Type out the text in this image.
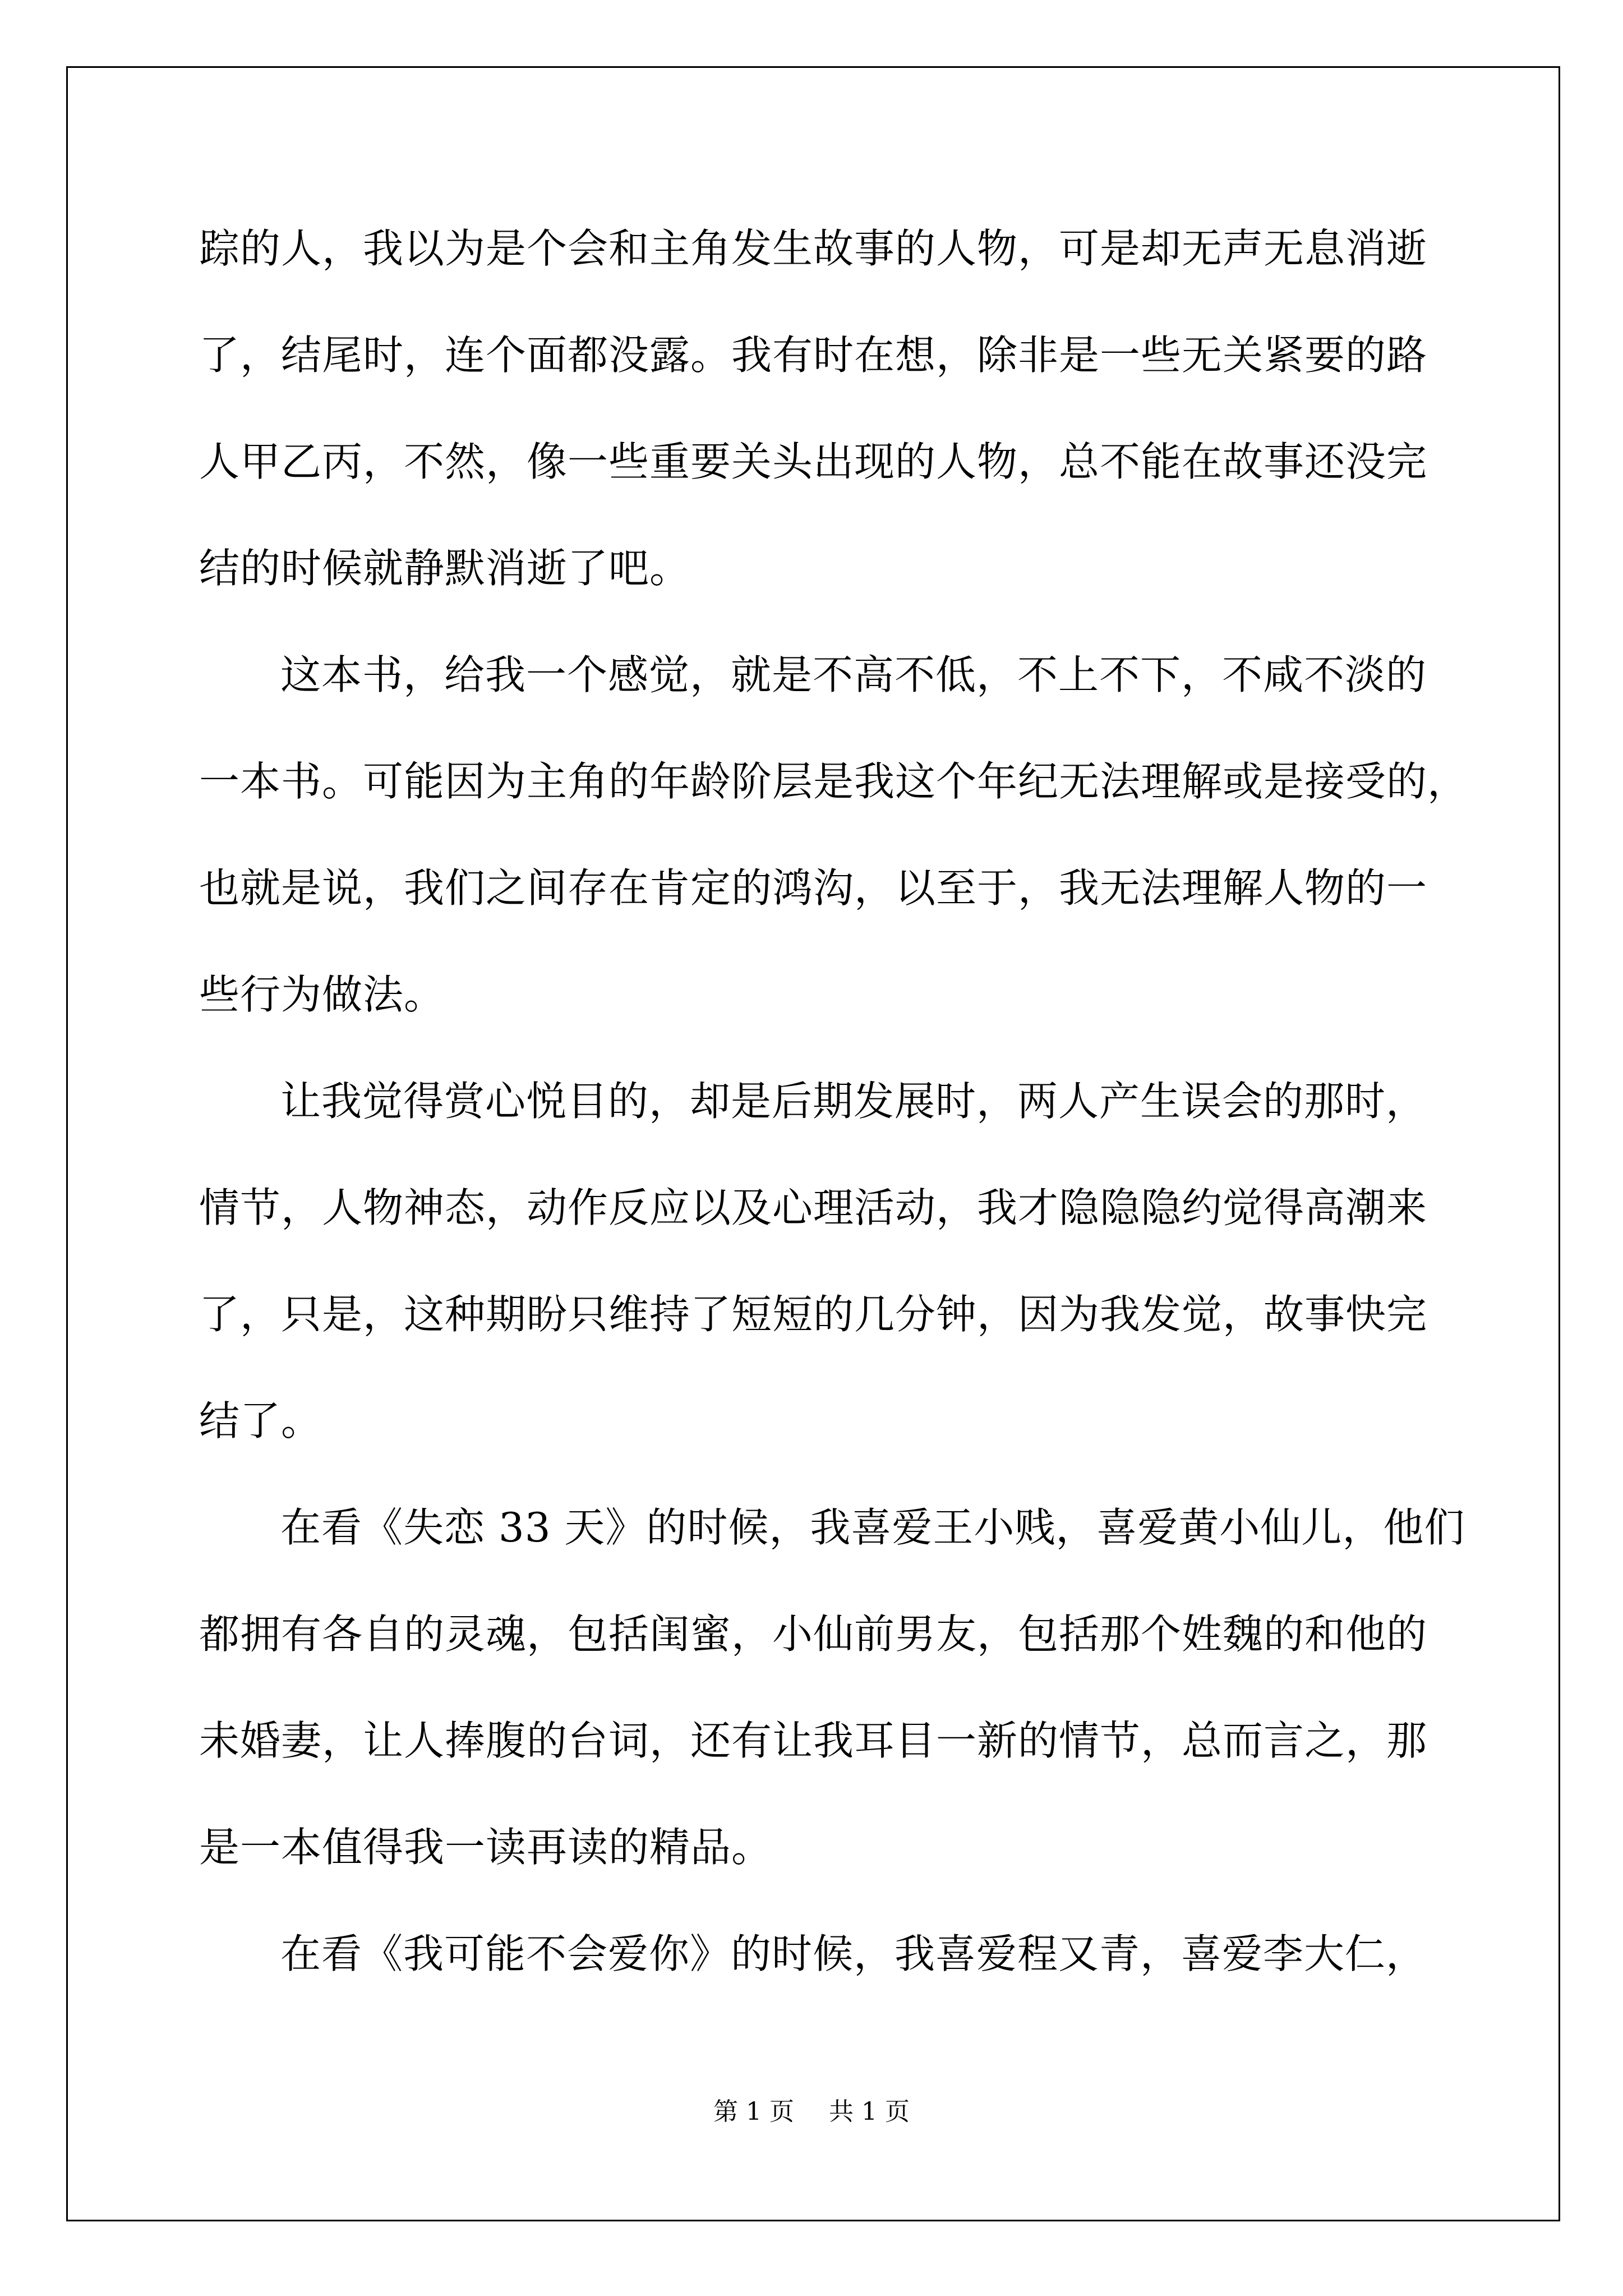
踪的人，我以为是个会和主角发生故事的人物，可是却无声无息消逝

了，结尾时，连个面都没露。我有时在想，除非是一些无关紧要的路

人甲乙丙，不然，像一些重要关头出现的人物，总不能在故事还没完

结的时候就静默消逝了吧。

这本书，给我一个感觉，就是不高不低，不上不下，不咸不淡的

一本书。可能因为主角的年龄阶层是我这个年纪无法理解或是接受的，

也就是说，我们之间存在肯定的鸿沟，以至于，我无法理解人物的一

些行为做法。

让我觉得赏心悦目的，却是后期发展时，两人产生误会的那时，

情节，人物神态，动作反应以及心理活动，我才隐隐隐约觉得高潮来

了，只是，这种期盼只维持了短短的几分钟，因为我发觉，故事快完

结了。

在看《失恋 33 天》的时候，我喜爱王小贱，喜爱黄小仙儿，他们

都拥有各自的灵魂，包括闺蜜，小仙前男友，包括那个姓魏的和他的

未婚妻，让人捧腹的台词，还有让我耳目一新的情节，总而言之，那

是一本值得我一读再读的精品。

在看《我可能不会爱你》的时候，我喜爱程又青，喜爱李大仁，

第 1 页 共 1 页
